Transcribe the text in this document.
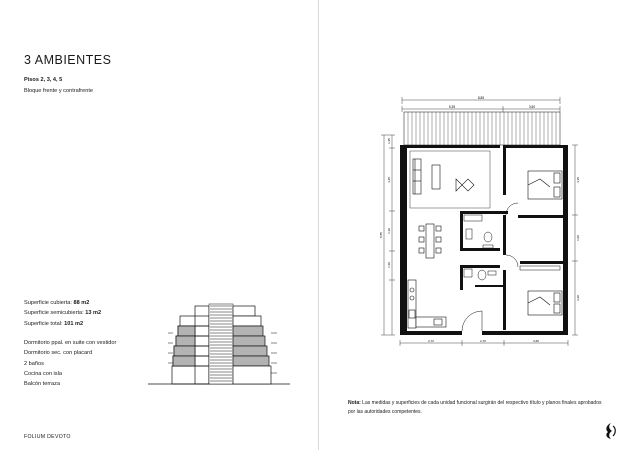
3 AMBIENTES
Pisos 2, 3, 4, 5
Bloque frente y contrafrente
Superficie cubierta: 88 m2
Superficie semicubierta: 13 m2
Superficie total: 101 m2
Dormitorio ppal. en suite con vestidor
Dormitorio sec. con placard
2 baños
Cocina con isla
Balcón terraza
FOLIUM DEVOTO
8,85
5,35	3,50
1,95
4,25
1,30
1,60
8,55
4,35
1,00
3,20
2,72	2,70	3,66
Nota: Las medidas y superficies de cada unidad funcional surgirán del respectivo título y planos finales aprobados por las autoridades competentes.
